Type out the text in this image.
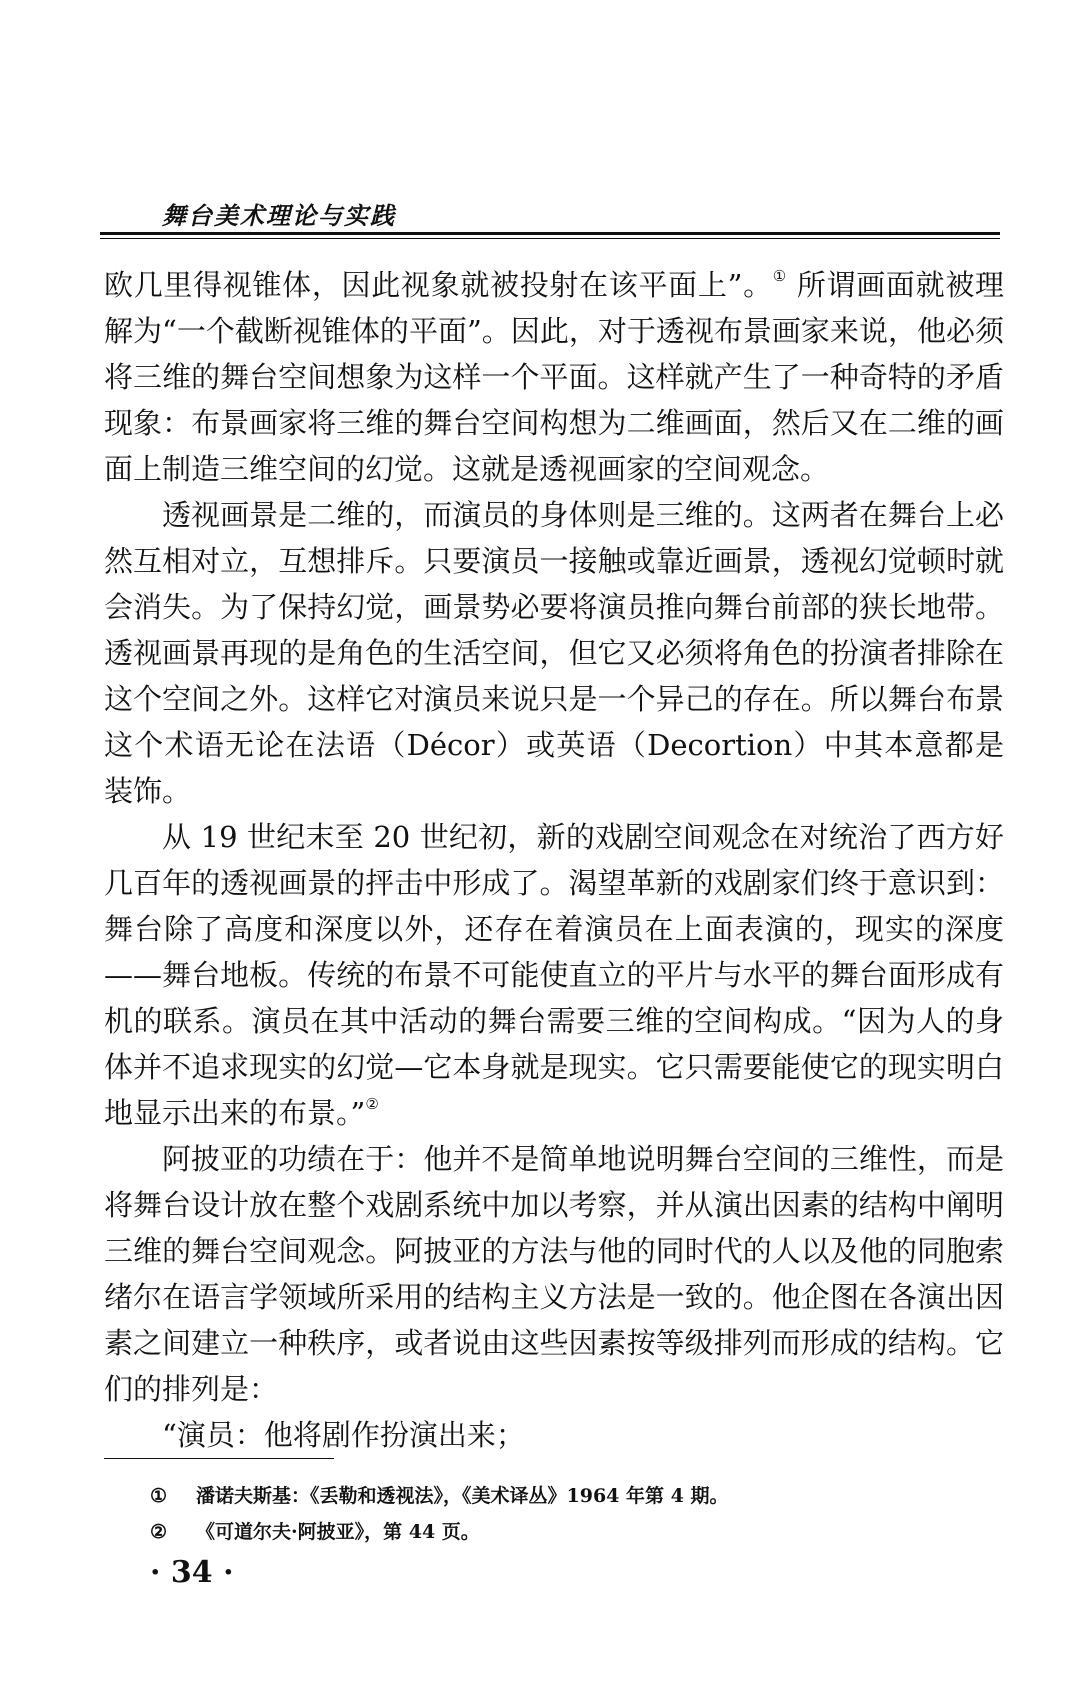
舞台美术理论与实践

欧几里得视锥体，因此视象就被投射在该平面上”。① 所谓画面就被理解为“一个截断视锥体的平面”。因此，对于透视布景画家来说，他必须将三维的舞台空间想象为这样一个平面。这样就产生了一种奇特的矛盾现象：布景画家将三维的舞台空间构想为二维画面，然后又在二维的画面上制造三维空间的幻觉。这就是透视画家的空间观念。

透视画景是二维的，而演员的身体则是三维的。这两者在舞台上必然互相对立，互想排斥。只要演员一接触或靠近画景，透视幻觉顿时就会消失。为了保持幻觉，画景势必要将演员推向舞台前部的狭长地带。透视画景再现的是角色的生活空间，但它又必须将角色的扮演者排除在这个空间之外。这样它对演员来说只是一个异己的存在。所以舞台布景这个术语无论在法语（Décor）或英语（Decortion）中其本意都是装饰。

从 19 世纪末至 20 世纪初，新的戏剧空间观念在对统治了西方好几百年的透视画景的抨击中形成了。渴望革新的戏剧家们终于意识到：舞台除了高度和深度以外，还存在着演员在上面表演的，现实的深度——舞台地板。传统的布景不可能使直立的平片与水平的舞台面形成有机的联系。演员在其中活动的舞台需要三维的空间构成。“因为人的身体并不追求现实的幻觉—它本身就是现实。它只需要能使它的现实明白地显示出来的布景。”②

阿披亚的功绩在于：他并不是简单地说明舞台空间的三维性，而是将舞台设计放在整个戏剧系统中加以考察，并从演出因素的结构中阐明三维的舞台空间观念。阿披亚的方法与他的同时代的人以及他的同胞索绪尔在语言学领域所采用的结构主义方法是一致的。他企图在各演出因素之间建立一种秩序，或者说由这些因素按等级排列而形成的结构。它们的排列是：

“演员：他将剧作扮演出来；

①	潘诺夫斯基：《丢勒和透视法》，《美术译丛》1964 年第 4 期。
②	《可道尔夫·阿披亚》，第 44 页。
· 34 ·
